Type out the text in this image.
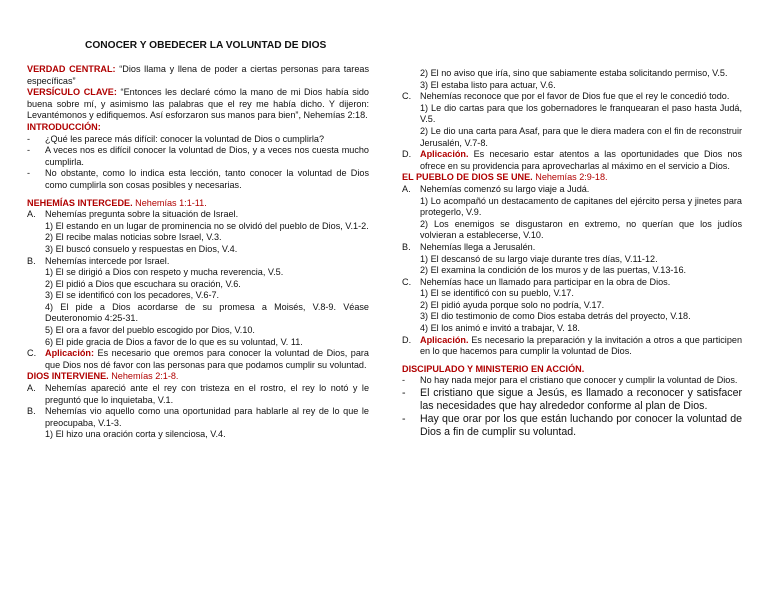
CONOCER Y OBEDECER LA VOLUNTAD DE DIOS

VERDAD CENTRAL: “Dios llama y llena de poder a ciertas personas para tareas específicas”

VERSÍCULO CLAVE: “Entonces les declaré cómo la mano de mi Dios había sido buena sobre mí, y asimismo las palabras que el rey me había dicho. Y dijeron: Levantémonos y edifiquemos. Así esforzaron sus manos para bien”, Nehemías 2:18.

INTRODUCCIÓN:

-	¿Qué les parece más difícil: conocer la voluntad de Dios o cumplirla?
-	A veces nos es difícil conocer la voluntad de Dios, y a veces nos cuesta mucho cumplirla.
-	No obstante, como lo indica esta lección, tanto conocer la voluntad de Dios como cumplirla son cosas posibles y necesarias.

NEHEMÍAS INTERCEDE. Nehemías 1:1-11.

A.	Nehemías pregunta sobre la situación de Israel.

1) El estando en un lugar de prominencia no se olvidó del pueblo de Dios, V.1-2.

2) El recibe malas noticias sobre Israel, V.3.

3) El buscó consuelo y respuestas en Dios, V.4.

B.	Nehemías intercede por Israel.

1) El se dirigió a Dios con respeto y mucha reverencia, V.5.

2) El pidió a Dios que escuchara su oración, V.6.

3) El se identificó con los pecadores, V.6-7.

4) El pide a Dios acordarse de su promesa a Moisés, V.8-9. Véase Deuteronomio 4:25-31.

5) El ora a favor del pueblo escogido por Dios, V.10.

6) El pide gracia de Dios a favor de lo que es su voluntad, V. 11.

C. Aplicación: Es necesario que oremos para conocer la voluntad de Dios, para que Dios nos dé favor con las personas para que podamos cumplir su voluntad.

DIOS INTERVIENE. Nehemías 2:1-8.

A.	Nehemías apareció ante el rey con tristeza en el rostro, el rey lo notó y le preguntó que lo inquietaba, V.1.
B.	Nehemías vio aquello como una oportunidad para hablarle al rey de lo que le preocupaba, V.1-3.

1) El hizo una oración corta y silenciosa, V.4.

2) El no aviso que iría, sino que sabiamente estaba solicitando permiso, V.5.

3) El estaba listo para actuar, V.6.

C. Nehemías reconoce que por el favor de Dios fue que el rey le concedió todo.

1) Le dio cartas para que los gobernadores le franquearan el paso hasta Judá, V.5.

2) Le dio una carta para Asaf, para que le diera madera con el fin de reconstruir Jerusalén, V.7-8.

D. Aplicación. Es necesario estar atentos a las oportunidades que Dios nos ofrece en su providencia para aprovecharlas al máximo en el servicio a Dios.

EL PUEBLO DE DIOS SE UNE. Nehemías 2:9-18.

A.	Nehemías comenzó su largo viaje a Judá.

1) Lo acompañó un destacamento de capitanes del ejército persa y jinetes para protegerlo, V.9.

2) Los enemigos se disgustaron en extremo, no querían que los judíos volvieran a establecerse, V.10.

B.	Nehemías llega a Jerusalén.

1) El descansó de su largo viaje durante tres días, V.11-12.

2) El examina la condición de los muros y de las puertas, V.13-16.

C. Nehemías hace un llamado para participar en la obra de Dios.

1) El se identificó con su pueblo, V.17.

2) El pidió ayuda porque solo no podría, V.17.

3) El dio testimonio de como Dios estaba detrás del proyecto, V.18.

4) El los animó e invitó a trabajar, V. 18.

D. Aplicación. Es necesario la preparación y la invitación a otros a que participen en lo que hacemos para cumplir la voluntad de Dios.

DISCIPULADO Y MINISTERIO EN ACCIÓN.

-	No hay nada mejor para el cristiano que conocer y cumplir la voluntad de Dios.
-	El cristiano que sigue a Jesús, es llamado a reconocer y satisfacer las necesidades que hay alrededor conforme al plan de Dios.
-	Hay que orar por los que están luchando por conocer la voluntad de Dios a fin de cumplir su voluntad.
